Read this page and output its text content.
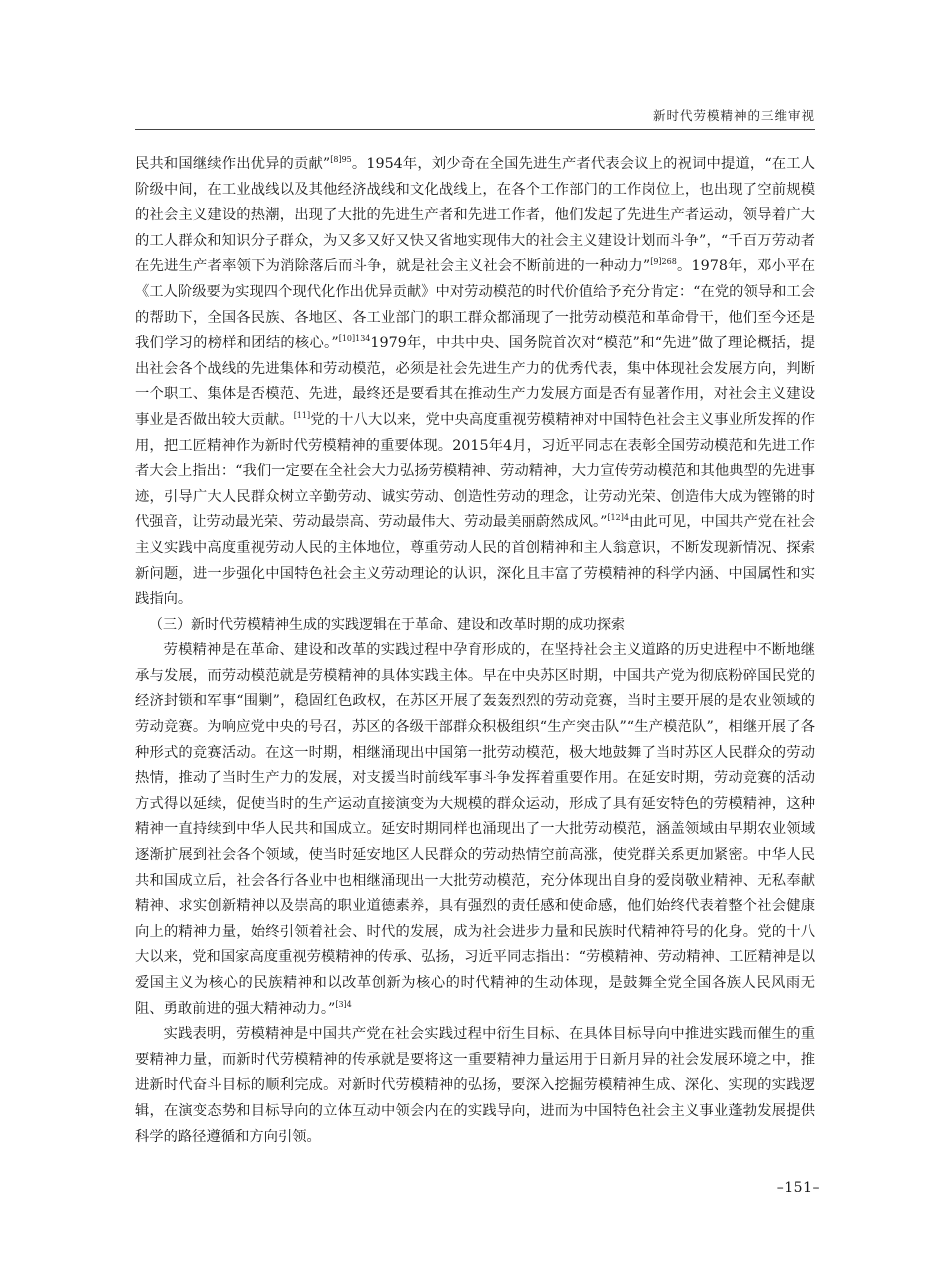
新时代劳模精神的三维审视

民共和国继续作出优异的贡献”$^{[8]95}$。1954年，刘少奇在全国先进生产者代表会议上的祝词中提道，“在工人阶级中间，在工业战线以及其他经济战线和文化战线上，在各个工作部门的工作岗位上，也出现了空前规模的社会主义建设的热潮，出现了大批的先进生产者和先进工作者，他们发起了先进生产者运动，领导着广大的工人群众和知识分子群众，为又多又好又快又省地实现伟大的社会主义建设计划而斗争”，“千百万劳动者在先进生产者率领下为消除落后而斗争，就是社会主义社会不断前进的一种动力”$^{[9]268}$。1978年，邓小平在《工人阶级要为实现四个现代化作出优异贡献》中对劳动模范的时代价值给予充分肯定：“在党的领导和工会的帮助下，全国各民族、各地区、各工业部门的职工群众都涌现了一批劳动模范和革命骨干，他们至今还是我们学习的榜样和团结的核心。”$^{[10]134}$1979年，中共中央、国务院首次对“模范”和“先进”做了理论概括，提出社会各个战线的先进集体和劳动模范，必须是社会先进生产力的优秀代表，集中体现社会发展方向，判断一个职工、集体是否模范、先进，最终还是要看其在推动生产力发展方面是否有显著作用，对社会主义建设事业是否做出较大贡献。[11]党的十八大以来，党中央高度重视劳模精神对中国特色社会主义事业所发挥的作用，把工匠精神作为新时代劳模精神的重要体现。2015年4月，习近平同志在表彰全国劳动模范和先进工作者大会上指出：“我们一定要在全社会大力弘扬劳模精神、劳动精神，大力宣传劳动模范和其他典型的先进事迹，引导广大人民群众树立辛勤劳动、诚实劳动、创造性劳动的理念，让劳动光荣、创造伟大成为铿锵的时代强音，让劳动最光荣、劳动最崇高、劳动最伟大、劳动最美丽蔚然成风。”$^{[12]4}$由此可见，中国共产党在社会主义实践中高度重视劳动人民的主体地位，尊重劳动人民的首创精神和主人翁意识，不断发现新情况、探索新问题，进一步强化中国特色社会主义劳动理论的认识，深化且丰富了劳模精神的科学内涵、中国属性和实践指向。

（三）新时代劳模精神生成的实践逻辑在于革命、建设和改革时期的成功探索

劳模精神是在革命、建设和改革的实践过程中孕育形成的，在坚持社会主义道路的历史进程中不断地继承与发展，而劳动模范就是劳模精神的具体实践主体。早在中央苏区时期，中国共产党为彻底粉碎国民党的经济封锁和军事“围剿”，稳固红色政权，在苏区开展了轰轰烈烈的劳动竞赛，当时主要开展的是农业领域的劳动竞赛。为响应党中央的号召，苏区的各级干部群众积极组织“生产突击队”“生产模范队”，相继开展了各种形式的竞赛活动。在这一时期，相继涌现出中国第一批劳动模范，极大地鼓舞了当时苏区人民群众的劳动热情，推动了当时生产力的发展，对支援当时前线军事斗争发挥着重要作用。在延安时期，劳动竞赛的活动方式得以延续，促使当时的生产运动直接演变为大规模的群众运动，形成了具有延安特色的劳模精神，这种精神一直持续到中华人民共和国成立。延安时期同样也涌现出了一大批劳动模范，涵盖领域由早期农业领域逐渐扩展到社会各个领域，使当时延安地区人民群众的劳动热情空前高涨，使党群关系更加紧密。中华人民共和国成立后，社会各行各业中也相继涌现出一大批劳动模范，充分体现出自身的爱岗敬业精神、无私奉献精神、求实创新精神以及崇高的职业道德素养，具有强烈的责任感和使命感，他们始终代表着整个社会健康向上的精神力量，始终引领着社会、时代的发展，成为社会进步力量和民族时代精神符号的化身。党的十八大以来，党和国家高度重视劳模精神的传承、弘扬，习近平同志指出：“劳模精神、劳动精神、工匠精神是以爱国主义为核心的民族精神和以改革创新为核心的时代精神的生动体现，是鼓舞全党全国各族人民风雨无阻、勇敢前进的强大精神动力。”$^{[3]4}$

实践表明，劳模精神是中国共产党在社会实践过程中衍生目标、在具体目标导向中推进实践而催生的重要精神力量，而新时代劳模精神的传承就是要将这一重要精神力量运用于日新月异的社会发展环境之中，推进新时代奋斗目标的顺利完成。对新时代劳模精神的弘扬，要深入挖掘劳模精神生成、深化、实现的实践逻辑，在演变态势和目标导向的立体互动中领会内在的实践导向，进而为中国特色社会主义事业蓬勃发展提供科学的路径遵循和方向引领。

–151–
